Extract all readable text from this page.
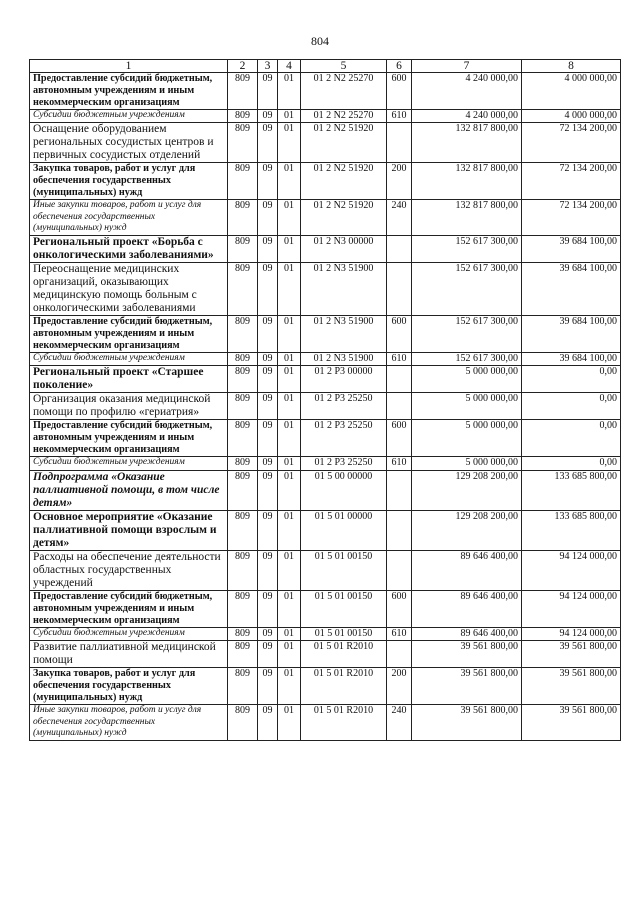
804
1	2	3	4	5	6	7	8
Предоставление субсидий бюджетным, автономным учреждениям и иным некоммерческим организациям	809	09	01	01 2 N2 25270	600	4 240 000,00	4 000 000,00
Субсидии бюджетным учреждениям	809	09	01	01 2 N2 25270	610	4 240 000,00	4 000 000,00
Оснащение оборудованием региональных сосудистых центров и первичных сосудистых отделений	809	09	01	01 2 N2 51920		132 817 800,00	72 134 200,00
Закупка товаров, работ и услуг для обеспечения государственных (муниципальных) нужд	809	09	01	01 2 N2 51920	200	132 817 800,00	72 134 200,00
Иные закупки товаров, работ и услуг для обеспечения государственных (муниципальных) нужд	809	09	01	01 2 N2 51920	240	132 817 800,00	72 134 200,00
Региональный проект «Борьба с онкологическими заболеваниями»	809	09	01	01 2 N3 00000		152 617 300,00	39 684 100,00
Переоснащение медицинских организаций, оказывающих медицинскую помощь больным с онкологическими заболеваниями	809	09	01	01 2 N3 51900		152 617 300,00	39 684 100,00
Предоставление субсидий бюджетным, автономным учреждениям и иным некоммерческим организациям	809	09	01	01 2 N3 51900	600	152 617 300,00	39 684 100,00
Субсидии бюджетным учреждениям	809	09	01	01 2 N3 51900	610	152 617 300,00	39 684 100,00
Региональный проект «Старшее поколение»	809	09	01	01 2 P3 00000		5 000 000,00	0,00
Организация оказания медицинской помощи по профилю «гериатрия»	809	09	01	01 2 P3 25250		5 000 000,00	0,00
Предоставление субсидий бюджетным, автономным учреждениям и иным некоммерческим организациям	809	09	01	01 2 P3 25250	600	5 000 000,00	0,00
Субсидии бюджетным учреждениям	809	09	01	01 2 P3 25250	610	5 000 000,00	0,00
Подпрограмма «Оказание паллиативной помощи, в том числе детям»	809	09	01	01 5 00 00000		129 208 200,00	133 685 800,00
Основное мероприятие «Оказание паллиативной помощи взрослым и детям»	809	09	01	01 5 01 00000		129 208 200,00	133 685 800,00
Расходы на обеспечение деятельности областных государственных учреждений	809	09	01	01 5 01 00150		89 646 400,00	94 124 000,00
Предоставление субсидий бюджетным, автономным учреждениям и иным некоммерческим организациям	809	09	01	01 5 01 00150	600	89 646 400,00	94 124 000,00
Субсидии бюджетным учреждениям	809	09	01	01 5 01 00150	610	89 646 400,00	94 124 000,00
Развитие паллиативной медицинской помощи	809	09	01	01 5 01 R2010		39 561 800,00	39 561 800,00
Закупка товаров, работ и услуг для обеспечения государственных (муниципальных) нужд	809	09	01	01 5 01 R2010	200	39 561 800,00	39 561 800,00
Иные закупки товаров, работ и услуг для обеспечения государственных (муниципальных) нужд	809	09	01	01 5 01 R2010	240	39 561 800,00	39 561 800,00
